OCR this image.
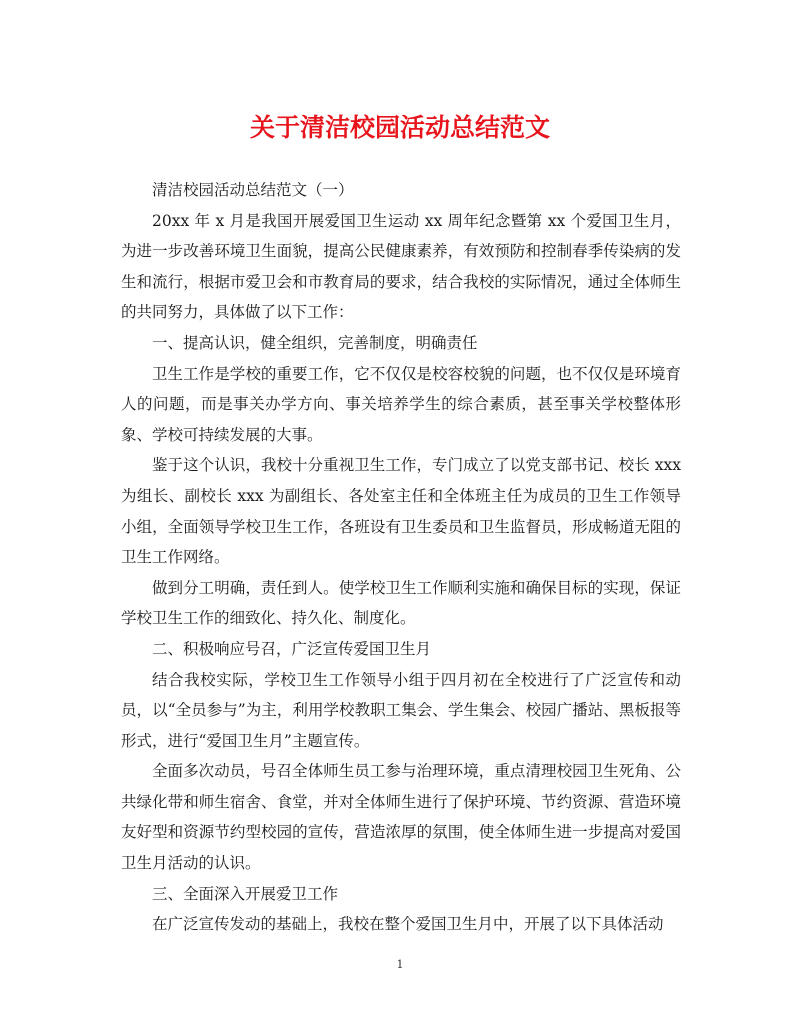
关于清洁校园活动总结范文

清洁校园活动总结范文（一）

20xx 年 x 月是我国开展爱国卫生运动 xx 周年纪念暨第 xx 个爱国卫生月，为进一步改善环境卫生面貌，提高公民健康素养，有效预防和控制春季传染病的发生和流行，根据市爱卫会和市教育局的要求，结合我校的实际情况，通过全体师生的共同努力，具体做了以下工作：

一、提高认识，健全组织，完善制度，明确责任

卫生工作是学校的重要工作，它不仅仅是校容校貌的问题，也不仅仅是环境育人的问题，而是事关办学方向、事关培养学生的综合素质，甚至事关学校整体形象、学校可持续发展的大事。

鉴于这个认识，我校十分重视卫生工作，专门成立了以党支部书记、校长 xxx 为组长、副校长 xxx 为副组长、各处室主任和全体班主任为成员的卫生工作领导小组，全面领导学校卫生工作，各班设有卫生委员和卫生监督员，形成畅道无阻的卫生工作网络。

做到分工明确，责任到人。使学校卫生工作顺利实施和确保目标的实现，保证学校卫生工作的细致化、持久化、制度化。

二、积极响应号召，广泛宣传爱国卫生月

结合我校实际，学校卫生工作领导小组于四月初在全校进行了广泛宣传和动员，以“全员参与”为主，利用学校教职工集会、学生集会、校园广播站、黑板报等形式，进行“爱国卫生月”主题宣传。

全面多次动员，号召全体师生员工参与治理环境，重点清理校园卫生死角、公共绿化带和师生宿舍、食堂，并对全体师生进行了保护环境、节约资源、营造环境友好型和资源节约型校园的宣传，营造浓厚的氛围，使全体师生进一步提高对爱国卫生月活动的认识。

三、全面深入开展爱卫工作

在广泛宣传发动的基础上，我校在整个爱国卫生月中，开展了以下具体活动

1
